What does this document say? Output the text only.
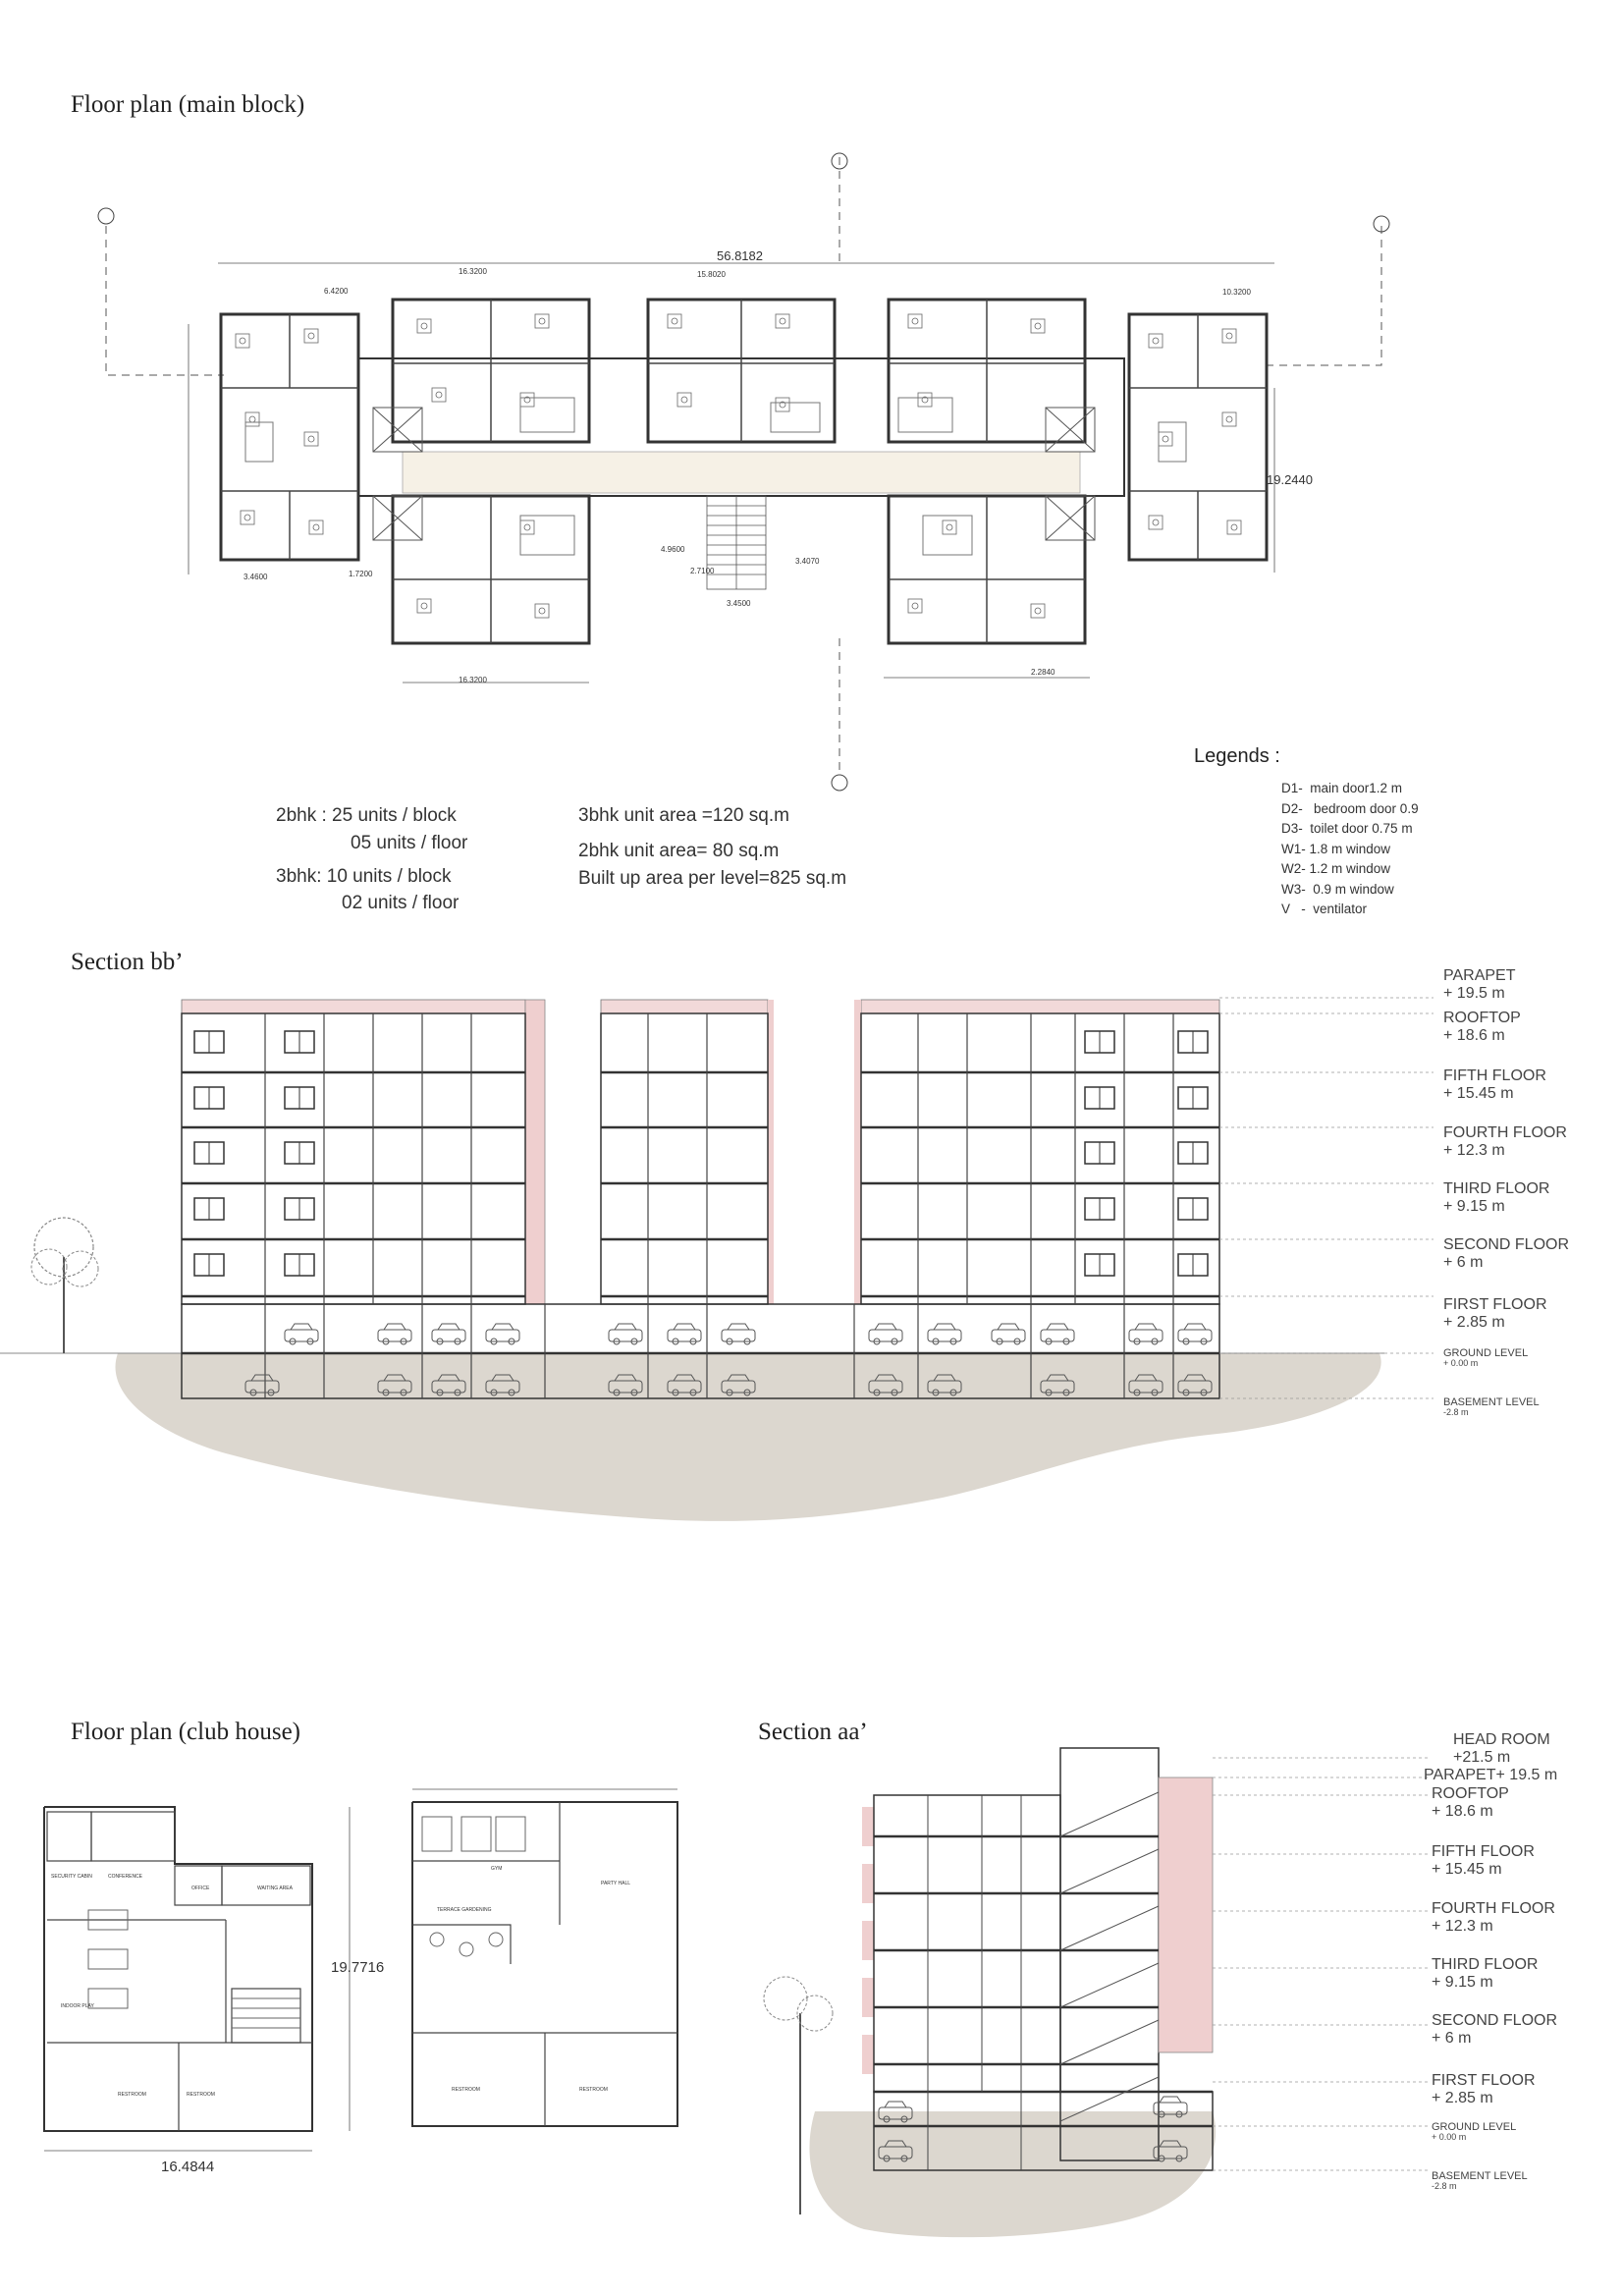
56.8182
19.2440
Floor plan (main block)
Section bb’
Floor plan (club house)	Section aa’
16.3200
16.3200
15.8020
6.4200
3.4600	1.7200
4.9600
2.7100
3.4500
3.4070
10.3200
2.2840

2bhk : 25 units / block

05 units / floor
3bhk: 10 units / block
02 units / floor
3bhk unit area =120 sq.m
2bhk unit area= 80 sq.m
Built up area per level=825 sq.m
Legends :
D1-  main door1.2 m
D2-   bedroom door 0.9
D3-  toilet door 0.75 m
W1- 1.8 m window
W2- 1.2 m window
W3-  0.9 m window
V   -  ventilator
PARAPET
+ 19.5 m
ROOFTOP
+ 18.6 m
FIFTH FLOOR
+ 15.45 m
FOURTH FLOOR
+ 12.3 m
THIRD FLOOR
+ 9.15 m
SECOND FLOOR
+ 6 m
FIRST FLOOR
+ 2.85 m
GROUND LEVEL
+ 0.00 m
BASEMENT LEVEL
-2.8 m
16.4844
19.7716
SECURITY CABIN	CONFERENCE
OFFICE	WAITING AREA
INDOOR PLAY
RESTROOM	RESTROOM
GYM
PARTY HALL
TERRACE GARDENING
RESTROOM	RESTROOM
HEAD ROOM
+21.5 m
PARAPET+ 19.5 m
ROOFTOP
+ 18.6 m
FIFTH FLOOR
+ 15.45 m
FOURTH FLOOR
+ 12.3 m
THIRD FLOOR
+ 9.15 m
SECOND FLOOR
+ 6 m
FIRST FLOOR
+ 2.85 m
GROUND LEVEL
+ 0.00 m
BASEMENT LEVEL
-2.8 m
